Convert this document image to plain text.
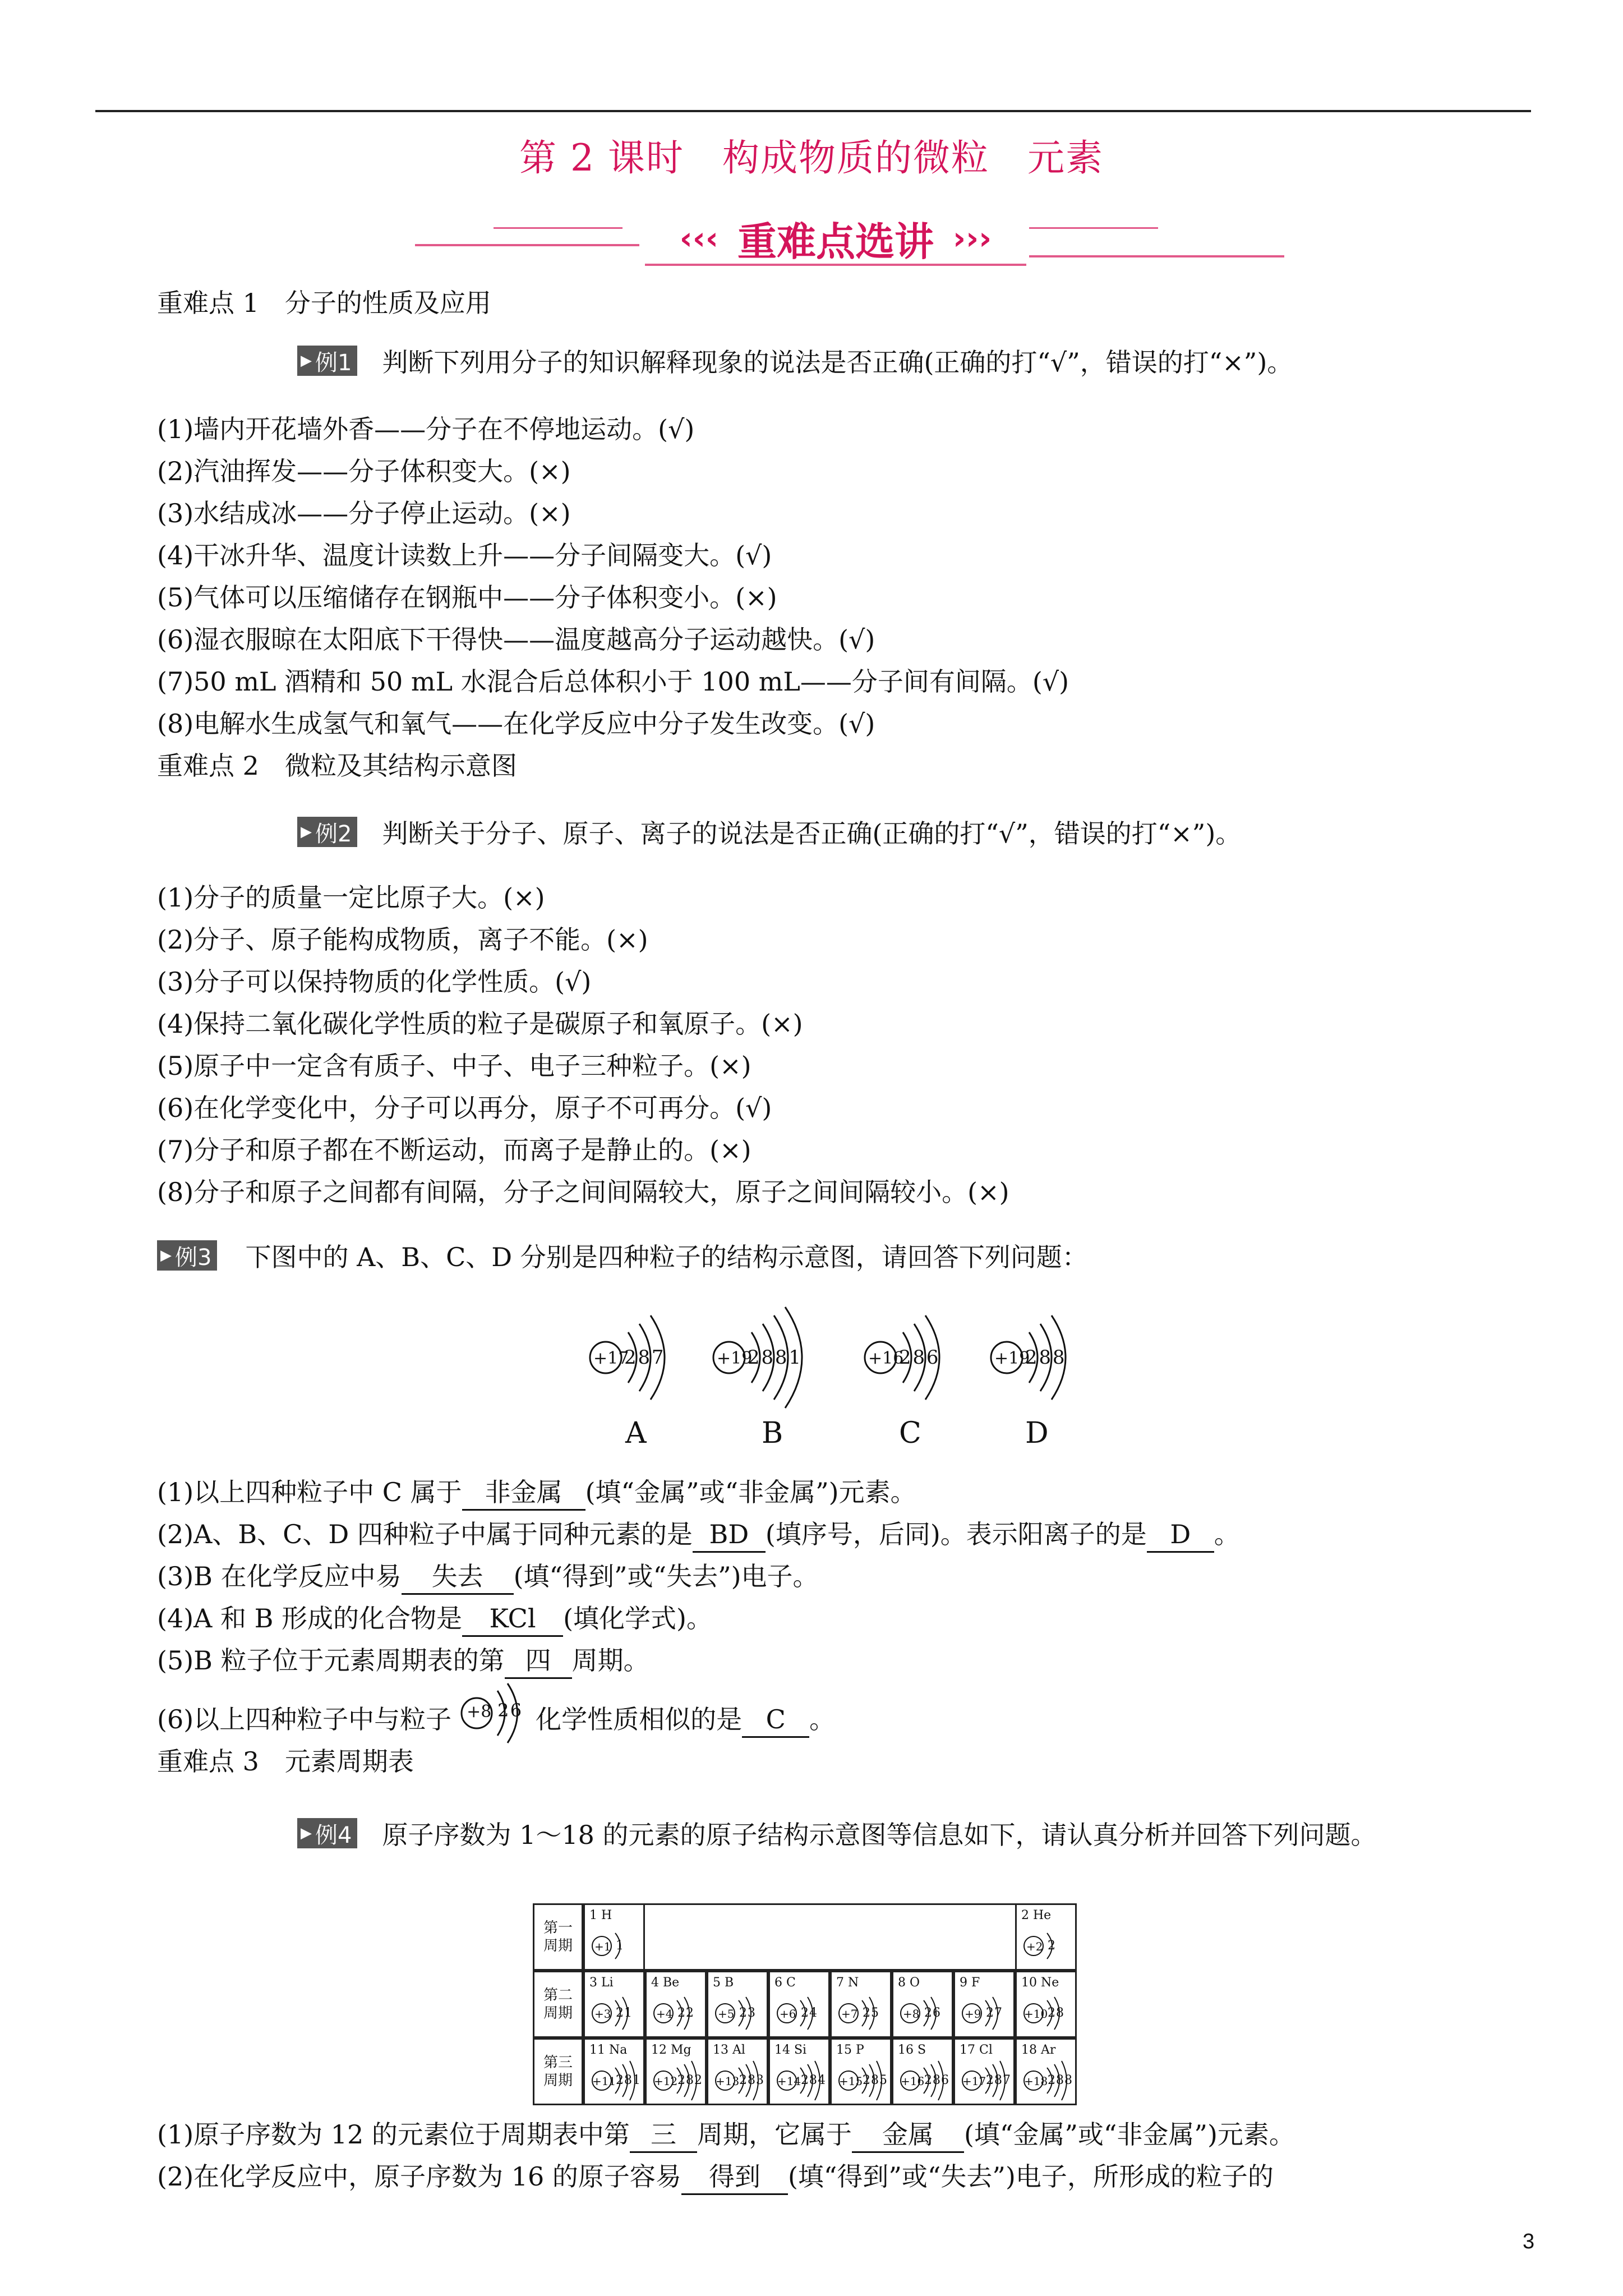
第 2 课时　构成物质的微粒　元素
‹‹‹ 重难点选讲 ›››
重难点 1　分子的性质及应用
▶ 例1 判断下列用分子的知识解释现象的说法是否正确(正确的打“√”，错误的打“×”)。
(1)墙内开花墙外香——分子在不停地运动。(√)
(2)汽油挥发——分子体积变大。(×)
(3)水结成冰——分子停止运动。(×)
(4)干冰升华、温度计读数上升——分子间隔变大。(√)
(5)气体可以压缩储存在钢瓶中——分子体积变小。(×)
(6)湿衣服晾在太阳底下干得快——温度越高分子运动越快。(√)
(7)50 mL 酒精和 50 mL 水混合后总体积小于 100 mL——分子间有间隔。(√)
(8)电解水生成氢气和氧气——在化学反应中分子发生改变。(√)
重难点 2　微粒及其结构示意图
▶ 例2 判断关于分子、原子、离子的说法是否正确(正确的打“√”，错误的打“×”)。
(1)分子的质量一定比原子大。(×)
(2)分子、原子能构成物质，离子不能。(×)
(3)分子可以保持物质的化学性质。(√)
(4)保持二氧化碳化学性质的粒子是碳原子和氧原子。(×)
(5)原子中一定含有质子、中子、电子三种粒子。(×)
(6)在化学变化中，分子可以再分，原子不可再分。(√)
(7)分子和原子都在不断运动，而离子是静止的。(×)
(8)分子和原子之间都有间隔，分子之间间隔较大，原子之间间隔较小。(×)
▶ 例3 下图中的 A、B、C、D 分别是四种粒子的结构示意图，请回答下列问题：
+17
2 8 7
A
+19
2 8 8 1
B
+16
2 8 6
C
+19
2 8 8
D
(1)以上四种粒子中 C 属于 非金属 (填“金属”或“非金属”)元素。
(2)A、B、C、D 四种粒子中属于同种元素的是 BD (填序号，后同)。表示阳离子的是 D 。
(3)B 在化学反应中易 失去 (填“得到”或“失去”)电子。
(4)A 和 B 形成的化合物是 KCl (填化学式)。
(5)B 粒子位于元素周期表的第 四 周期。
(6)以上四种粒子中与粒子 +8 2 6 化学性质相似的是 C 。
重难点 3　元素周期表
▶ 例4 原子序数为 1～18 的元素的原子结构示意图等信息如下，请认真分析并回答下列问题。
第一周期
第二周期
第三周期
1 H
+1 1
2 He
+2 2
3 Li
+3 21
4 Be
+4 22
5 B
+5 23
6 C
+6 24
7 N
+7 25
8 O
+8 26
9 F
+9 27
10 Ne
+10 28
11 Na
+11 281
12 Mg
+12 282
13 Al
+13 283
14 Si
+14 284
15 P
+15 285
16 S
+16 286
17 Cl
+17 287
18 Ar
+18 288
(1)原子序数为 12 的元素位于周期表中第 三 周期，它属于 金属 (填“金属”或“非金属”)元素。
(2)在化学反应中，原子序数为 16 的原子容易 得到 (填“得到”或“失去”)电子，所形成的粒子的
3
